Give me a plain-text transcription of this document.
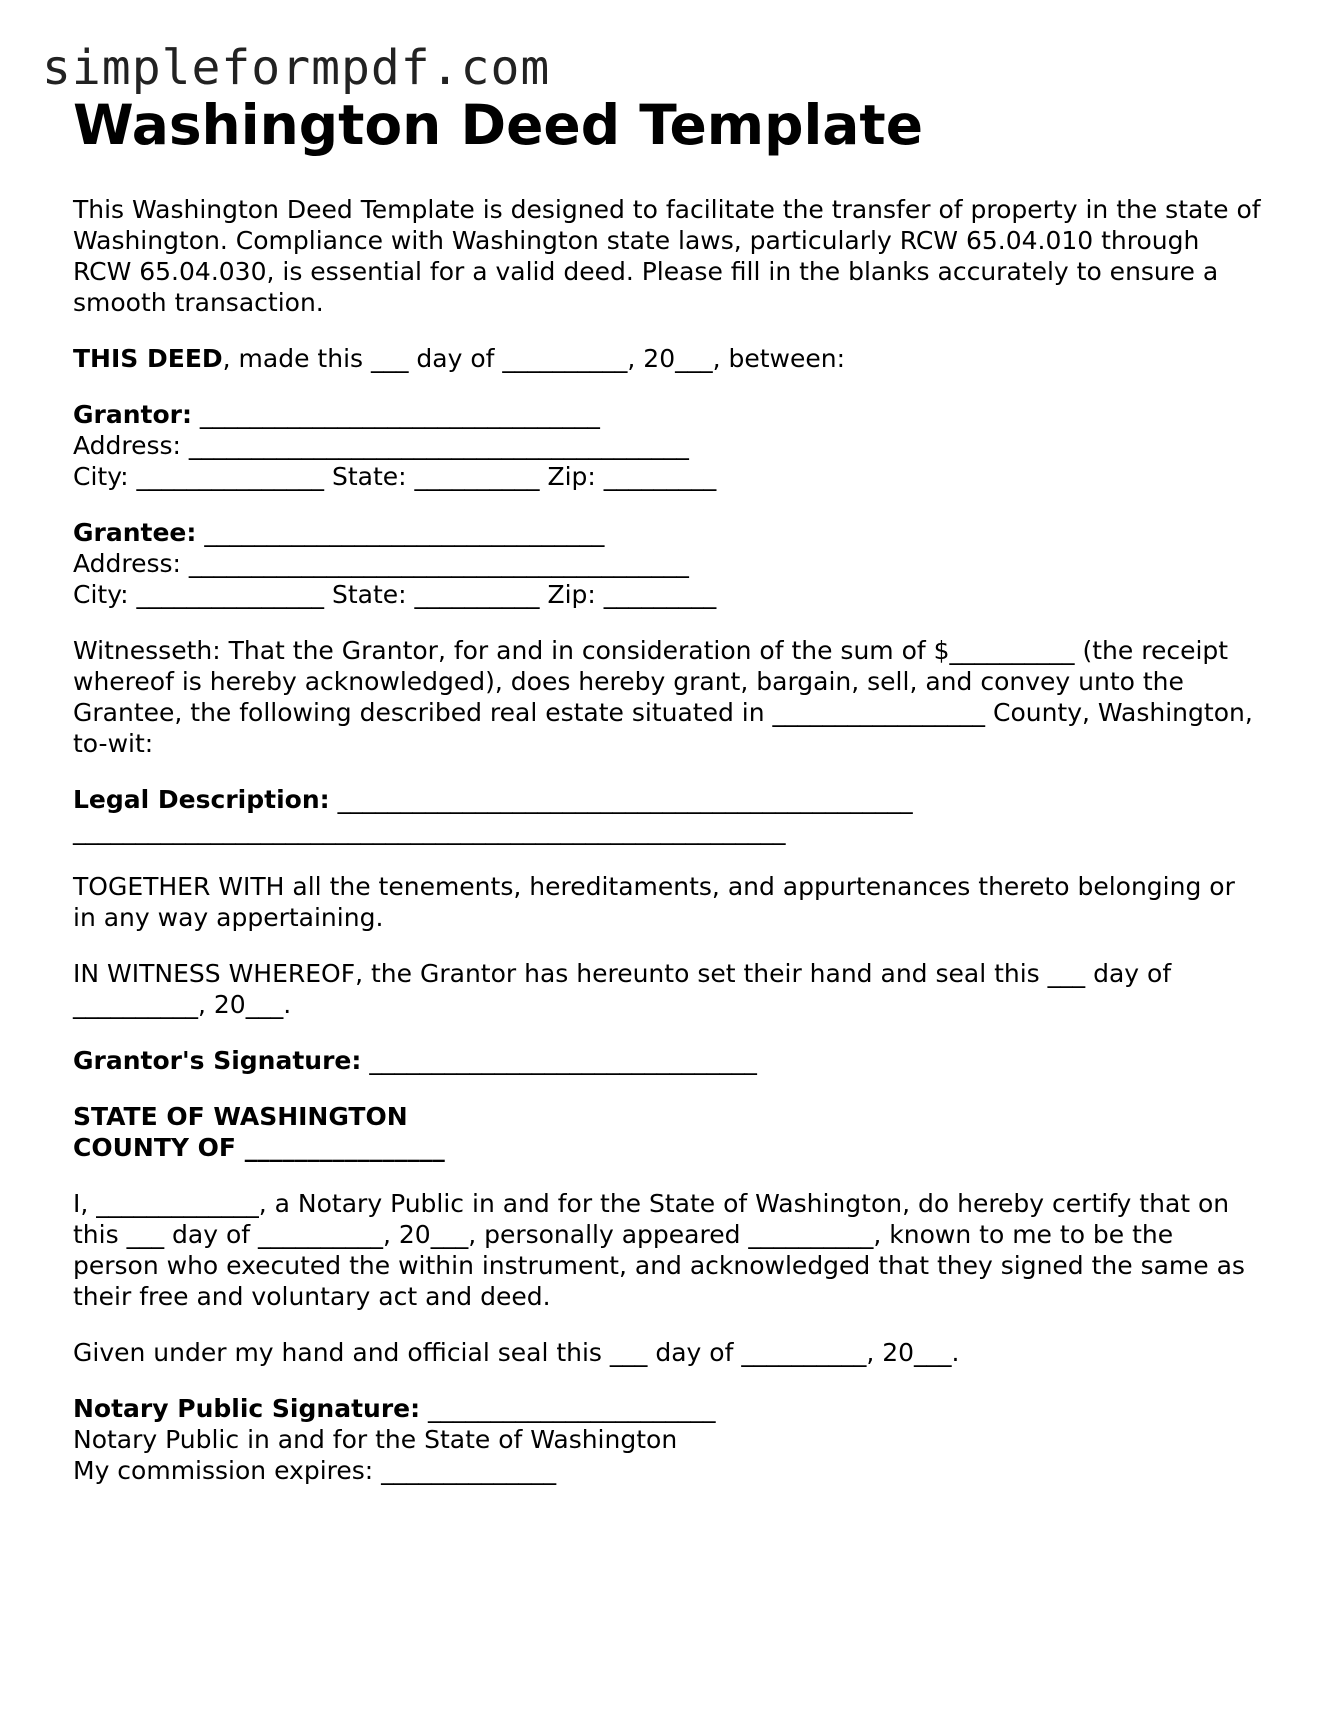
simpleformpdf.com
Washington Deed Template

This Washington Deed Template is designed to facilitate the transfer of property in the state of Washington. Compliance with Washington state laws, particularly RCW 65.04.010 through RCW 65.04.030, is essential for a valid deed. Please fill in the blanks accurately to ensure a smooth transaction.

THIS DEED, made this ___ day of __________, 20___, between:

Grantor: ________________________________
Address: ________________________________________
City: _______________ State: __________ Zip: _________

Grantee: ________________________________
Address: ________________________________________
City: _______________ State: __________ Zip: _________

Witnesseth: That the Grantor, for and in consideration of the sum of $__________ (the receipt whereof is hereby acknowledged), does hereby grant, bargain, sell, and convey unto the Grantee, the following described real estate situated in _________________ County, Washington, to-wit:

Legal Description: ______________________________________________
_________________________________________________________

TOGETHER WITH all the tenements, hereditaments, and appurtenances thereto belonging or in any way appertaining.

IN WITNESS WHEREOF, the Grantor has hereunto set their hand and seal this ___ day of __________, 20___.

Grantor's Signature: _______________________________

STATE OF WASHINGTON
COUNTY OF ________________

I, _____________, a Notary Public in and for the State of Washington, do hereby certify that on this ___ day of __________, 20___, personally appeared __________, known to me to be the person who executed the within instrument, and acknowledged that they signed the same as their free and voluntary act and deed.

Given under my hand and official seal this ___ day of __________, 20___.

Notary Public Signature: _______________________
Notary Public in and for the State of Washington
My commission expires: ______________
